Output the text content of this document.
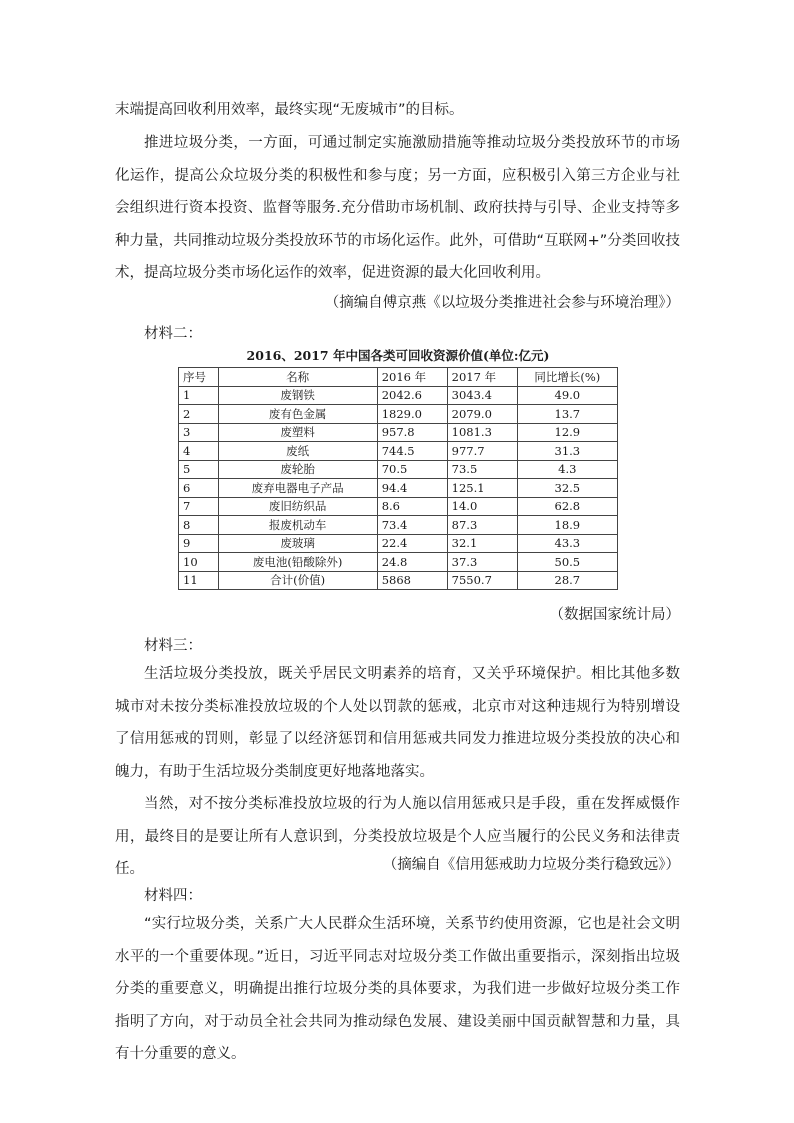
末端提高回收利用效率，最终实现“无废城市”的目标。

推进垃圾分类，一方面，可通过制定实施激励措施等推动垃圾分类投放环节的市场化运作，提高公众垃圾分类的积极性和参与度；另一方面，应积极引入第三方企业与社会组织进行资本投资、监督等服务.充分借助市场机制、政府扶持与引导、企业支持等多种力量，共同推动垃圾分类投放环节的市场化运作。此外，可借助“互联网+”分类回收技术，提高垃圾分类市场化运作的效率，促进资源的最大化回收利用。

（摘编自傅京燕《以垃圾分类推进社会参与环境治理》）
材料二：
2016、2017 年中国各类可回收资源价值(单位:亿元)
序号	名称	2016 年	2017 年	同比增长(%)
1	废钢铁	2042.6	3043.4	49.0
2	废有色金属	1829.0	2079.0	13.7
3	废塑料	957.8	1081.3	12.9
4	废纸	744.5	977.7	31.3
5	废轮胎	70.5	73.5	4.3
6	废弃电器电子产品	94.4	125.1	32.5
7	废旧纺织品	8.6	14.0	62.8
8	报废机动车	73.4	87.3	18.9
9	废玻璃	22.4	32.1	43.3
10	废电池(铅酸除外)	24.8	37.3	50.5
11	合计(价值)	5868	7550.7	28.7
（数据国家统计局）
材料三：

生活垃圾分类投放，既关乎居民文明素养的培育，又关乎环境保护。相比其他多数城市对未按分类标准投放垃圾的个人处以罚款的惩戒，北京市对这种违规行为特别增设了信用惩戒的罚则，彰显了以经济惩罚和信用惩戒共同发力推进垃圾分类投放的决心和魄力，有助于生活垃圾分类制度更好地落地落实。

当然，对不按分类标准投放垃圾的行为人施以信用惩戒只是手段，重在发挥威慑作用，最终目的是要让所有人意识到，分类投放垃圾是个人应当履行的公民义务和法律责任。	（摘编自《信用惩戒助力垃圾分类行稳致远》）
材料四：

“实行垃圾分类，关系广大人民群众生活环境，关系节约使用资源，它也是社会文明水平的一个重要体现。”近日，习近平同志对垃圾分类工作做出重要指示，深刻指出垃圾分类的重要意义，明确提出推行垃圾分类的具体要求，为我们进一步做好垃圾分类工作指明了方向，对于动员全社会共同为推动绿色发展、建设美丽中国贡献智慧和力量，具有十分重要的意义。
